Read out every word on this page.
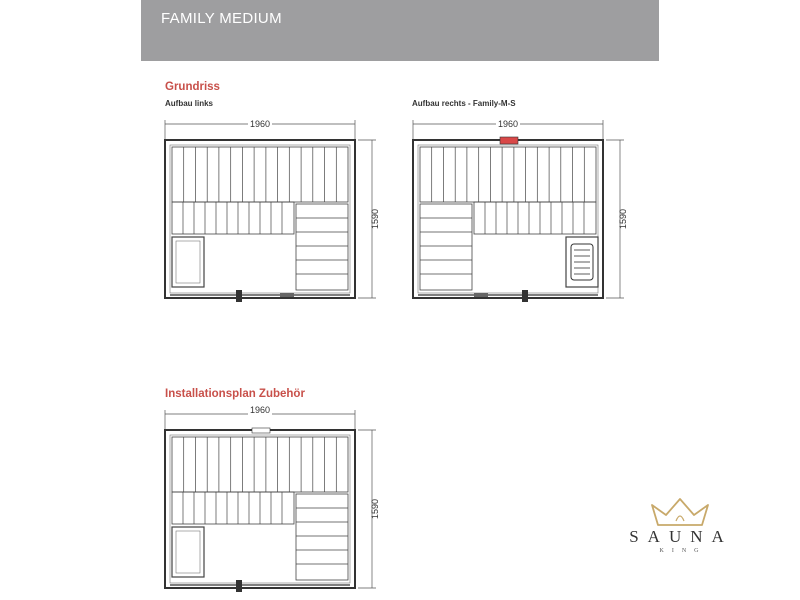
FAMILY MEDIUM
Grundriss
Aufbau links	Aufbau rechts - Family-M-S
Installationsplan Zubehör
1960
1590
1960
1590
1960
1590
SAUNA
KING
